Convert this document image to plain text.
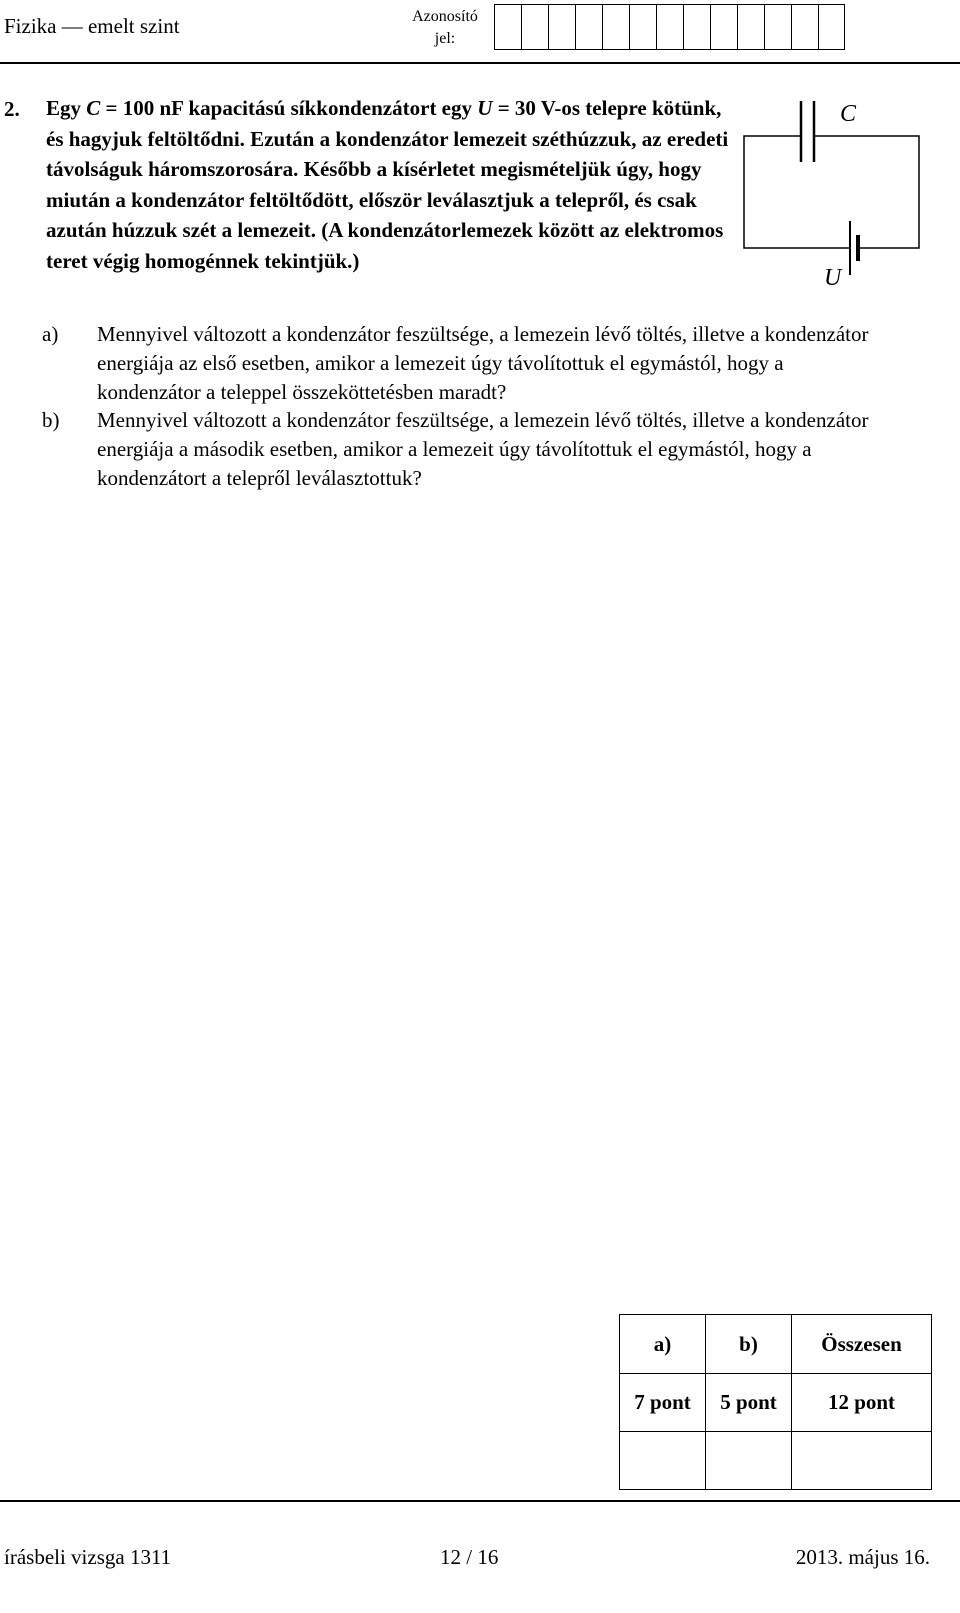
Fizika — emelt szint	Azonosító
jel:
2. Egy C = 100 nF kapacitású síkkondenzátort egy U = 30 V-os telepre kötünk, és hagyjuk feltöltődni. Ezután a kondenzátor lemezeit széthúzzuk, az eredeti távolságuk háromszorosára. Később a kísérletet megismételjük úgy, hogy miután a kondenzátor feltöltődött, először leválasztjuk a telepről, és csak azután húzzuk szét a lemezeit. (A kondenzátorlemezek között az elektromos teret végig homogénnek tekintjük.)
C
U
a) Mennyivel változott a kondenzátor feszültsége, a lemezein lévő töltés, illetve a kondenzátor energiája az első esetben, amikor a lemezeit úgy távolítottuk el egymástól, hogy a kondenzátor a teleppel összeköttetésben maradt?
b) Mennyivel változott a kondenzátor feszültsége, a lemezein lévő töltés, illetve a kondenzátor energiája a második esetben, amikor a lemezeit úgy távolítottuk el egymástól, hogy a kondenzátort a telepről leválasztottuk?
a)	b)	Összesen
7 pont	5 pont	12 pont

írásbeli vizsga 1311	12 / 16	2013. május 16.
